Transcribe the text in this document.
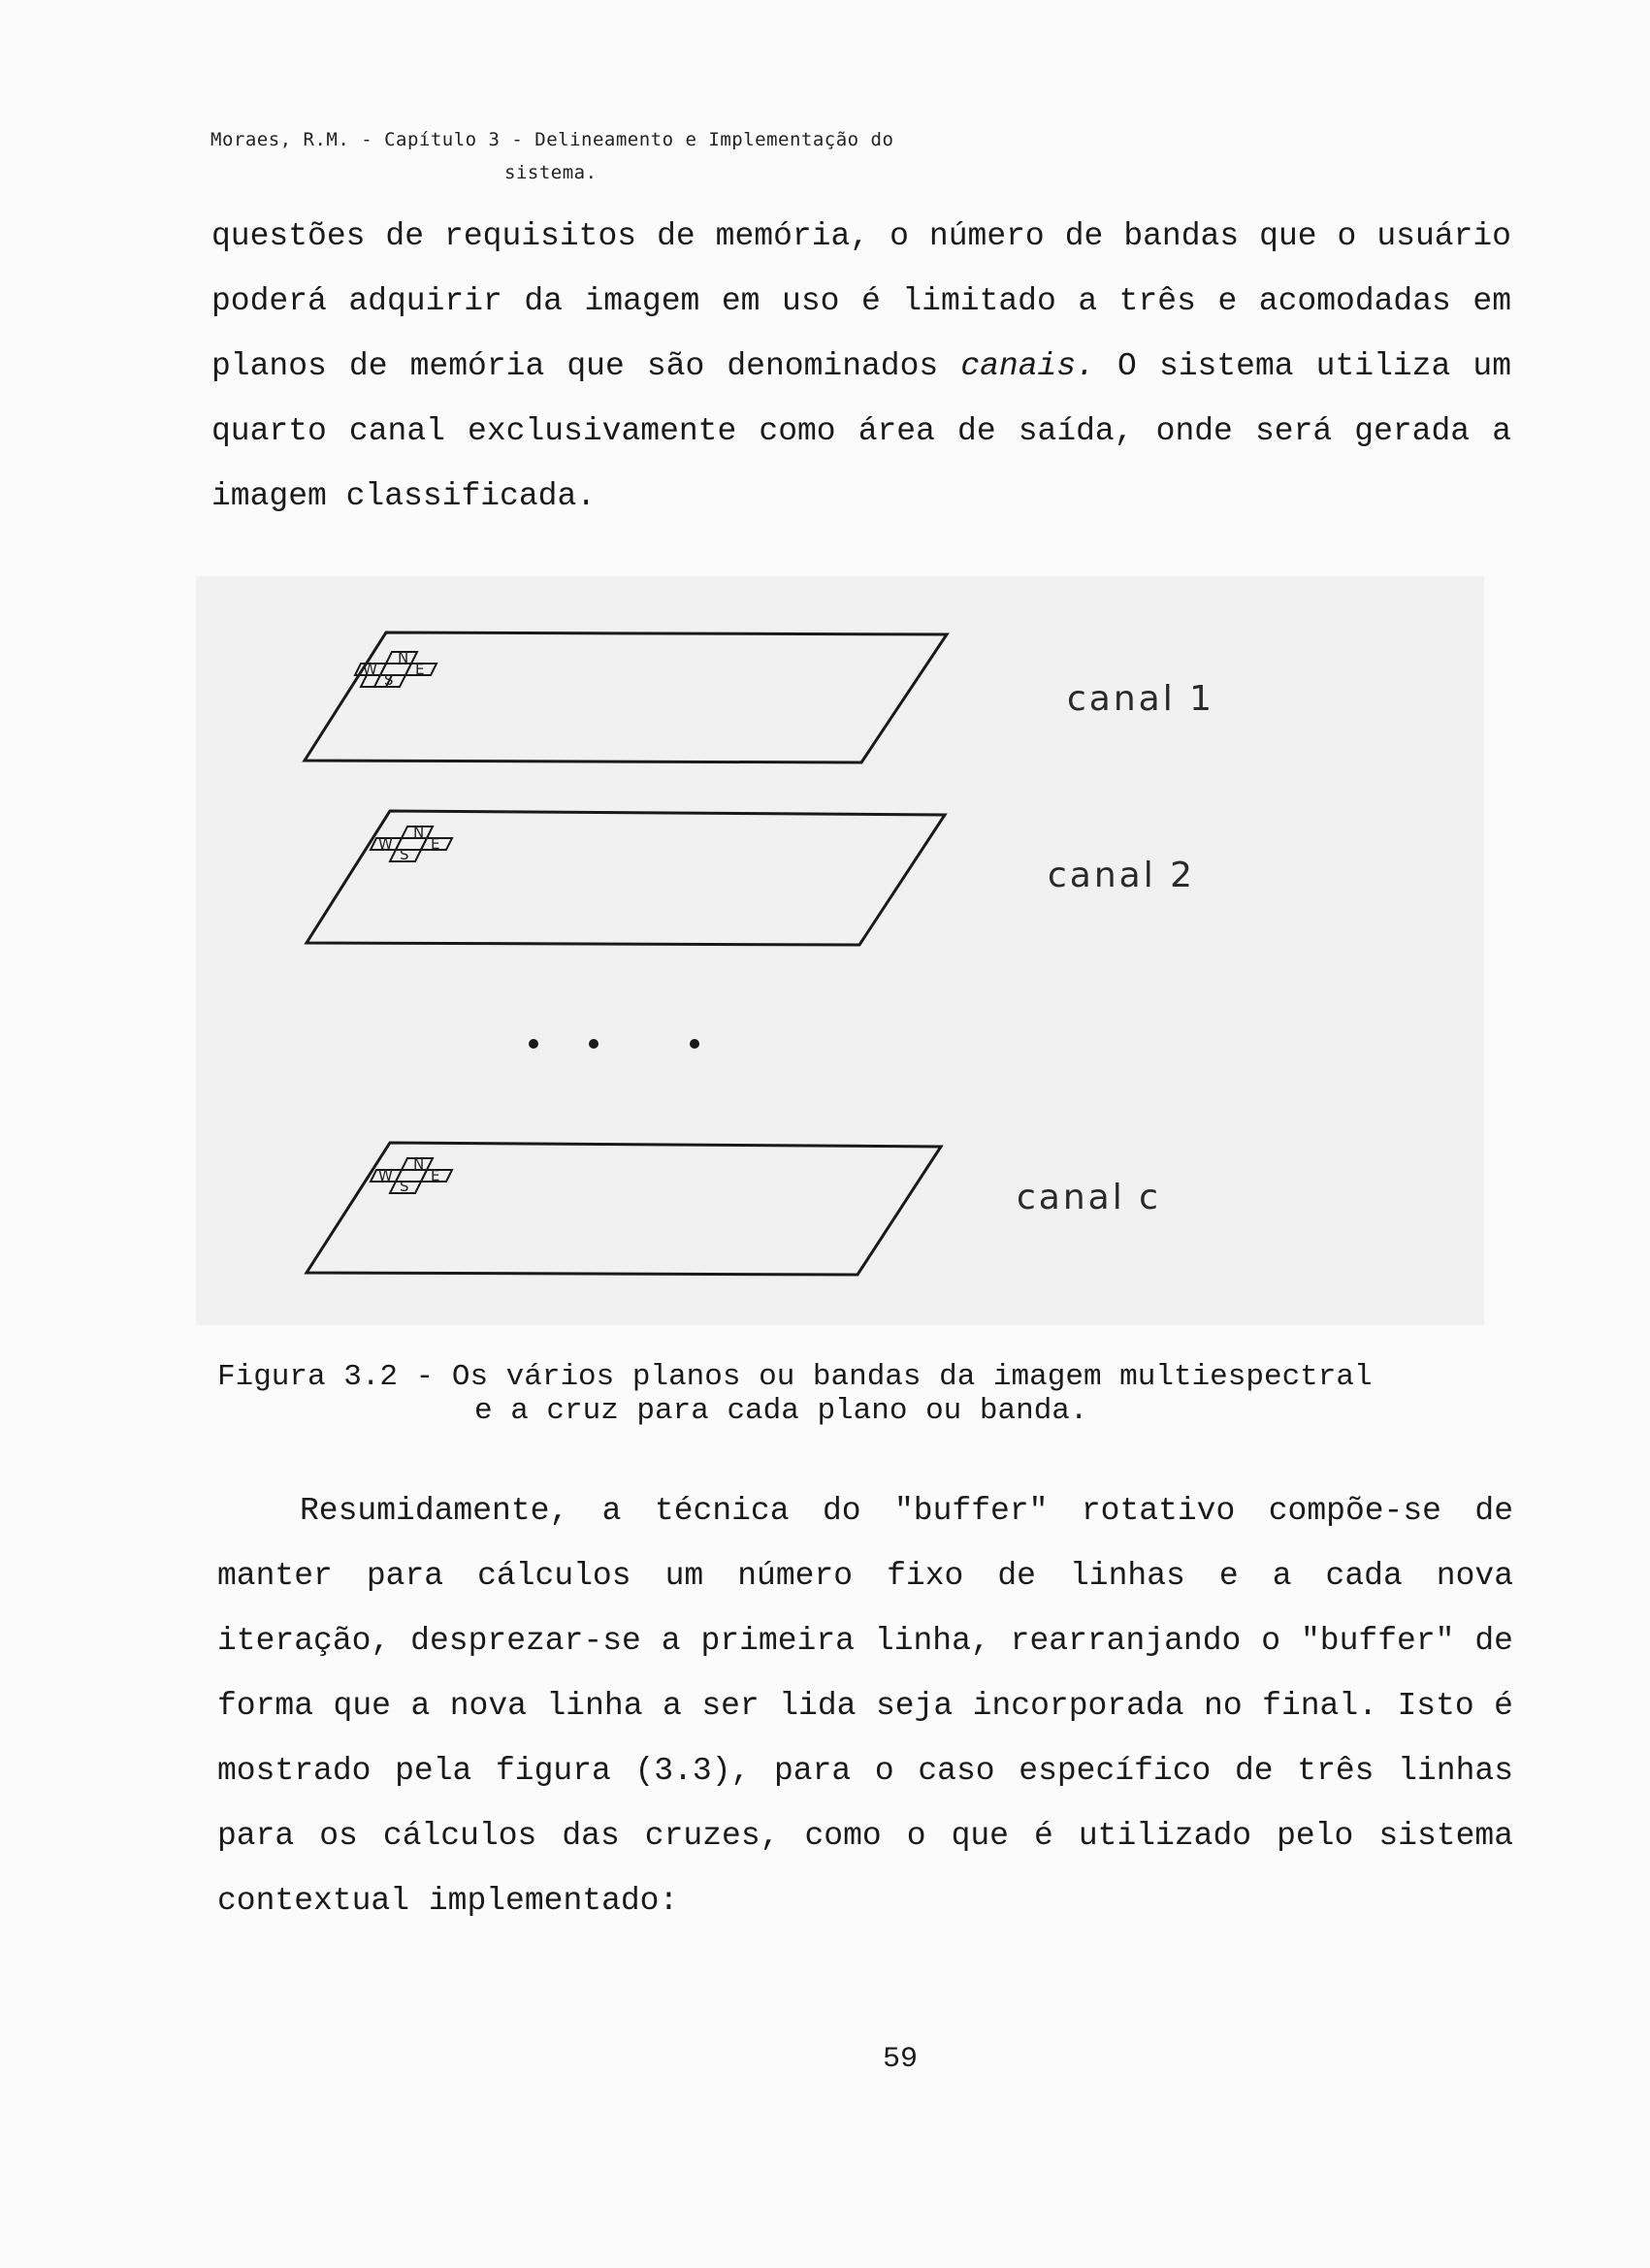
Moraes, R.M. - Capítulo 3 - Delineamento e Implementação do
sistema.

questões de requisitos de memória, o número de bandas que o usuário poderá adquirir da imagem em uso é limitado a três e acomodadas em planos de memória que são denominados canais. O sistema utiliza um quarto canal exclusivamente como área de saída, onde será gerada a imagem classificada.

N
W	E
S	canal 1
N
W	E
S
canal 2
N
W	E
S	canal c
Figura 3.2 - Os vários planos ou bandas da imagem multiespectral
e a cruz para cada plano ou banda.

Resumidamente, a técnica do "buffer" rotativo compõe-se de manter para cálculos um número fixo de linhas e a cada nova iteração, desprezar-se a primeira linha, rearranjando o "buffer" de forma que a nova linha a ser lida seja incorporada no final. Isto é mostrado pela figura (3.3), para o caso específico de três linhas para os cálculos das cruzes, como o que é utilizado pelo sistema contextual implementado:

59
